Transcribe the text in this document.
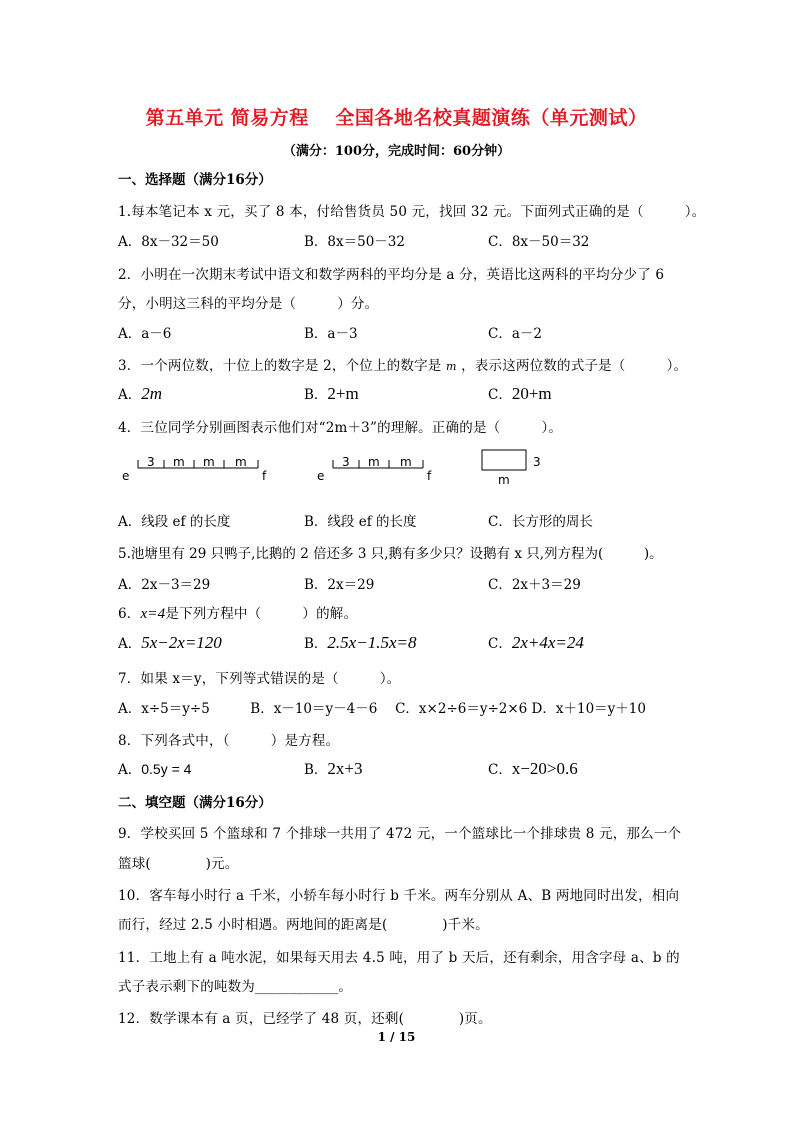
第五单元 简易方程　 全国各地名校真题演练（单元测试）
（满分：100分，完成时间：60分钟）
一、选择题（满分16分）
1.每本笔记本 x 元，买了 8 本，付给售货员 50 元，找回 32 元。下面列式正确的是（　　　）。
A．8x－32＝50	B．8x＝50－32	C．8x－50＝32
2．小明在一次期末考试中语文和数学两科的平均分是 a 分，英语比这两科的平均分少了 6
分，小明这三科的平均分是（　　　）分。
A．a－6	B．a－3	C．a－2
3．一个两位数，十位上的数字是 2，个位上的数字是 m ，表示这两位数的式子是（　　　）。
A．2m	B．2+m	C．20+m
4．三位同学分别画图表示他们对“2m＋3”的理解。正确的是（　　　）。
e	f
3 m m m
e	f
3 m m	3
m
A．线段 ef 的长度	B．线段 ef 的长度	C．长方形的周长
5.池塘里有 29 只鸭子,比鹅的 2 倍还多 3 只,鹅有多少只？设鹅有 x 只,列方程为(　　　)。
A．2x－3＝29	B．2x＝29	C．2x＋3＝29
6．x=4是下列方程中（　　　）的解。
A．5x−2x=120	B．2.5x−1.5x=8	C．2x+4x=24
7．如果 x＝y，下列等式错误的是（　　　）。
A．x÷5＝y÷5　　　B．x－10＝y－4－6　 C．x×2÷6＝y÷2×6 D．x＋10＝y＋10
8．下列各式中，（　　　）是方程。
A．0.5y = 4	B．2x+3	C．x−20>0.6
二、填空题（满分16分）
9．学校买回 5 个篮球和 7 个排球一共用了 472 元，一个篮球比一个排球贵 8 元，那么一个
篮球(　　　　)元。
10．客车每小时行 a 千米，小轿车每小时行 b 千米。两车分别从 A、B 两地同时出发，相向
而行，经过 2.5 小时相遇。两地间的距离是(　　　　)千米。
11．工地上有 a 吨水泥，如果每天用去 4.5 吨，用了 b 天后，还有剩余，用含字母 a、b 的
式子表示剩下的吨数为____________。
12．数学课本有 a 页，已经学了 48 页，还剩(　　　　)页。
1 / 15
